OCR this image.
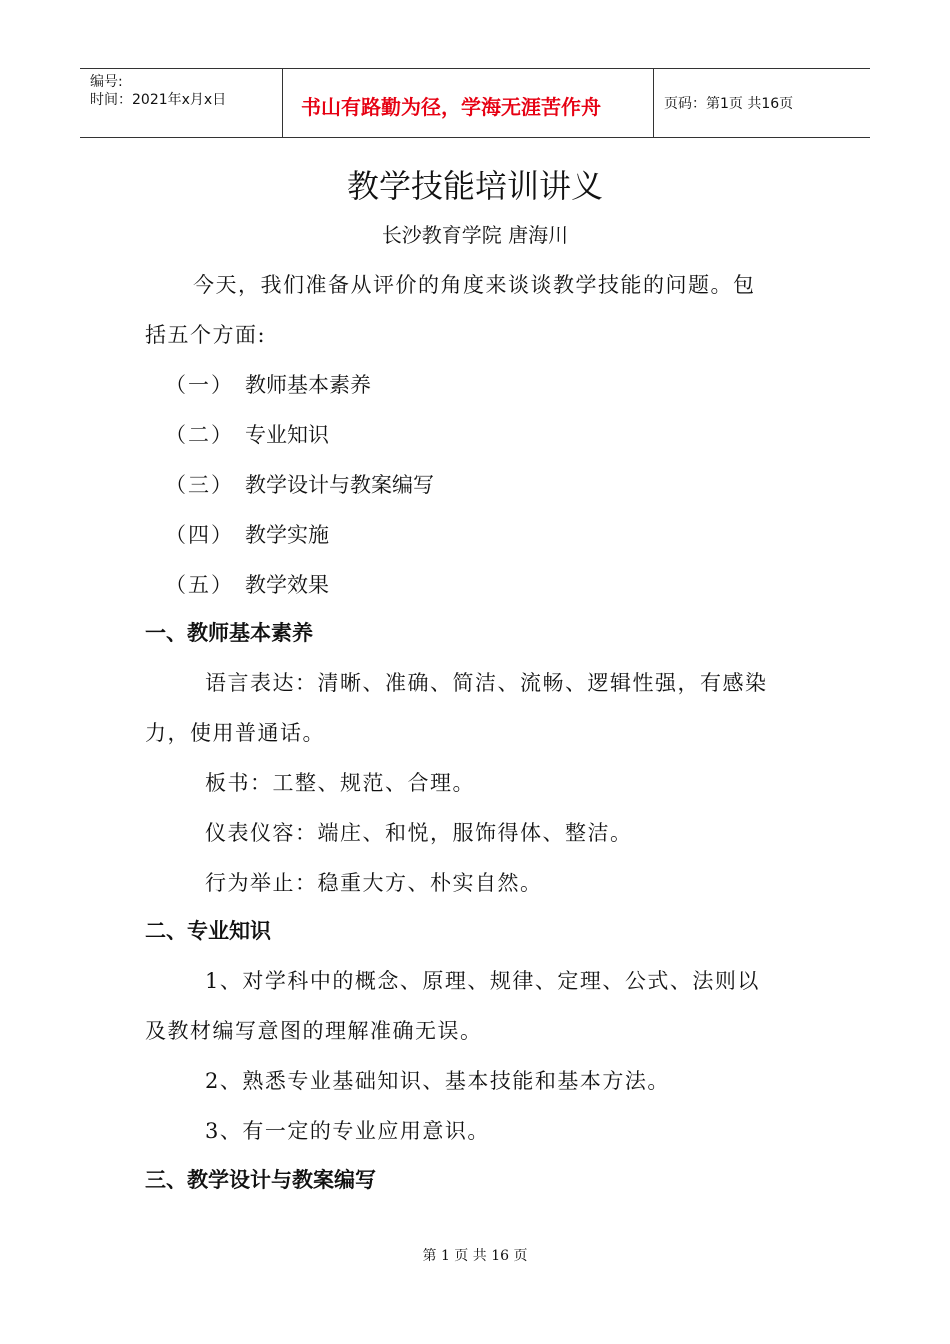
编号:
时间：2021年x月x日	书山有路勤为径，学海无涯苦作舟	页码：第1页 共16页
教学技能培训讲义
长沙教育学院 唐海川
今天，我们准备从评价的角度来谈谈教学技能的问题。包
括五个方面:
（一） 教师基本素养
（二） 专业知识
（三） 教学设计与教案编写
（四） 教学实施
（五） 教学效果
一、教师基本素养
语言表达：清晰、准确、简洁、流畅、逻辑性强，有感染
力，使用普通话。
板书：工整、规范、合理。
仪表仪容：端庄、和悦，服饰得体、整洁。
行为举止：稳重大方、朴实自然。
二、专业知识
1、对学科中的概念、原理、规律、定理、公式、法则以
及教材编写意图的理解准确无误。
2、熟悉专业基础知识、基本技能和基本方法。
3、有一定的专业应用意识。
三、教学设计与教案编写
第 1 页 共 16 页
